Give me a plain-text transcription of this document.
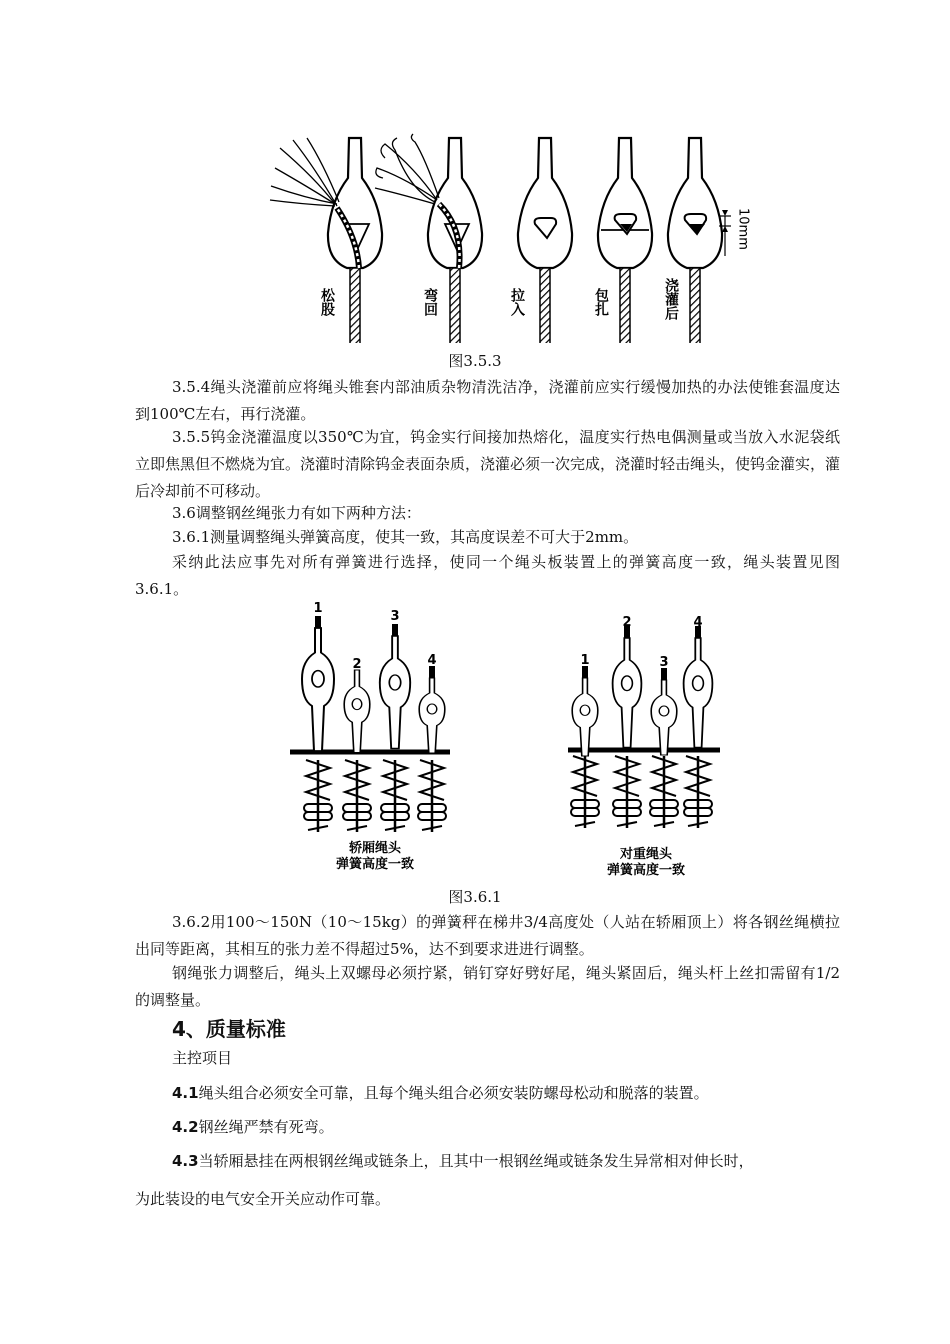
松股	弯回	拉入	包扎	浇灌后
10mm
图3.5.3
3.5.4绳头浇灌前应将绳头锥套内部油质杂物清洗洁净，浇灌前应实行缓慢加热的办法使锥套温度达到100℃左右，再行浇灌。
3.5.5钨金浇灌温度以350℃为宜，钨金实行间接加热熔化，温度实行热电偶测量或当放入水泥袋纸立即焦黑但不燃烧为宜。浇灌时清除钨金表面杂质，浇灌必须一次完成，浇灌时轻击绳头，使钨金灌实，灌后冷却前不可移动。
3.6调整钢丝绳张力有如下两种方法：
3.6.1测量调整绳头弹簧高度，使其一致，其高度误差不可大于2mm。
采纳此法应事先对所有弹簧进行选择，使同一个绳头板装置上的弹簧高度一致，绳头装置见图3.6.1。
1
2
3
4	1
2
3
4
轿厢绳头
弹簧高度一致
对重绳头
弹簧高度一致
图3.6.1
3.6.2用100～150N（10～15kg）的弹簧秤在梯井3/4高度处（人站在轿厢顶上）将各钢丝绳横拉出同等距离，其相互的张力差不得超过5%，达不到要求进进行调整。
钢绳张力调整后，绳头上双螺母必须拧紧，销钉穿好劈好尾，绳头紧固后，绳头杆上丝扣需留有1/2的调整量。
4、质量标准
主控项目
4.1绳头组合必须安全可靠，且每个绳头组合必须安装防螺母松动和脱落的装置。
4.2钢丝绳严禁有死弯。
4.3当轿厢悬挂在两根钢丝绳或链条上，且其中一根钢丝绳或链条发生异常相对伸长时，
为此装设的电气安全开关应动作可靠。
